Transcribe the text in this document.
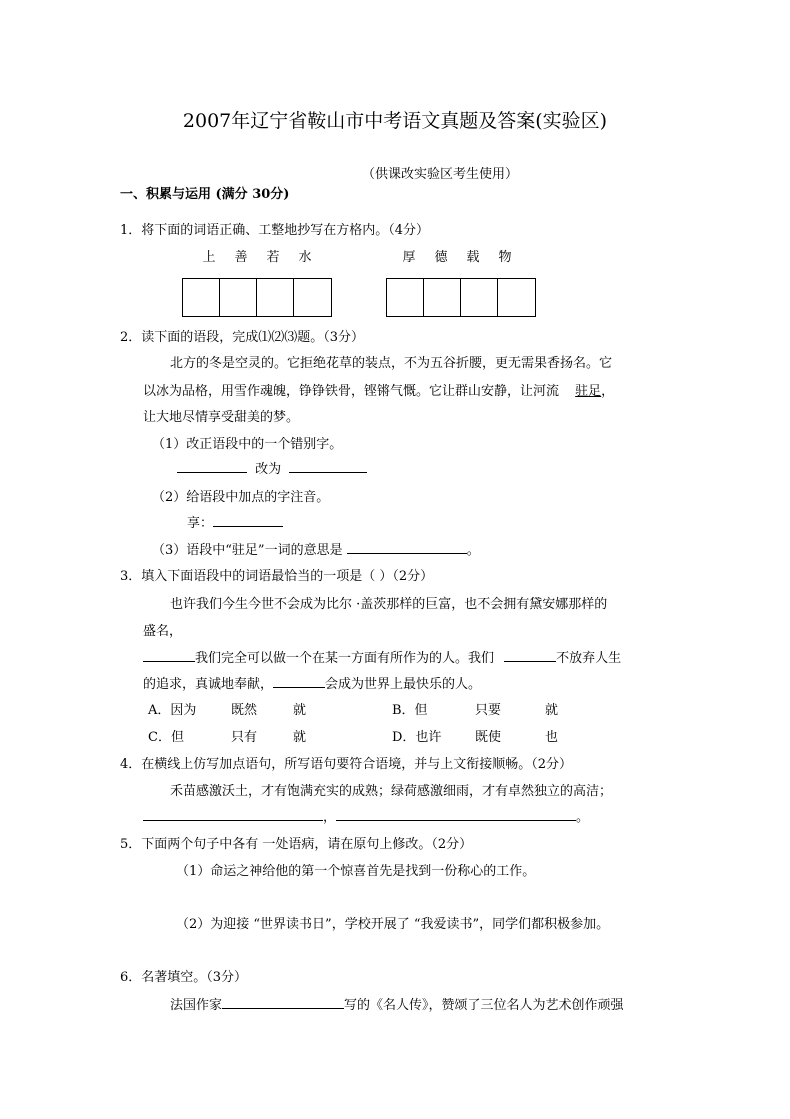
2007年辽宁省鞍山市中考语文真题及答案(实验区)
（供课改实验区考生使用）
一、积累与运用 (满分 30分)
1．将下面的词语正确、工整地抄写在方格内。（4分）
上 善 若 水	厚 德 载 物
2．读下面的语段，完成⑴⑵⑶题。（3分）
北方的冬是空灵的。它拒绝花草的装点，不为五谷折腰，更无需果香扬名。它
以冰为品格，用雪作魂魄，铮铮铁骨，铿锵气慨。它让群山安静，让河流 驻足，
让大地尽情享受甜美的梦。
（1）改正语段中的一个错别字。
改为
（2）给语段中加点的字注音。
享：
（3）语段中“驻足”一词的意思是	。
3．填入下面语段中的词语最恰当的一项是（ ）（2分）
也许我们今生今世不会成为比尔 ·盖茨那样的巨富，也不会拥有黛安娜那样的
盛名，
我们完全可以做一个在某一方面有所作为的人。我们	不放弃人生
的追求，真诚地奉献，	会成为世界上最快乐的人。
A．因为	既然	就	B．但	只要	就
C．但	只有	就	D．也许	既使	也
4．在横线上仿写加点语句，所写语句要符合语境，并与上文衔接顺畅。（2分）
禾苗感激沃土，才有饱满充实的成熟；绿荷感激细雨，才有卓然独立的高洁；
，	。
5．下面两个句子中各有 一处语病，请在原句上修改。（2分）
（1）命运之神给他的第一个惊喜首先是找到一份称心的工作。
（2）为迎接 “世界读书日”，学校开展了 “我爱读书”，同学们都积极参加。
6．名著填空。（3分）
法国作家	写的《名人传》，赞颂了三位名人为艺术创作顽强
